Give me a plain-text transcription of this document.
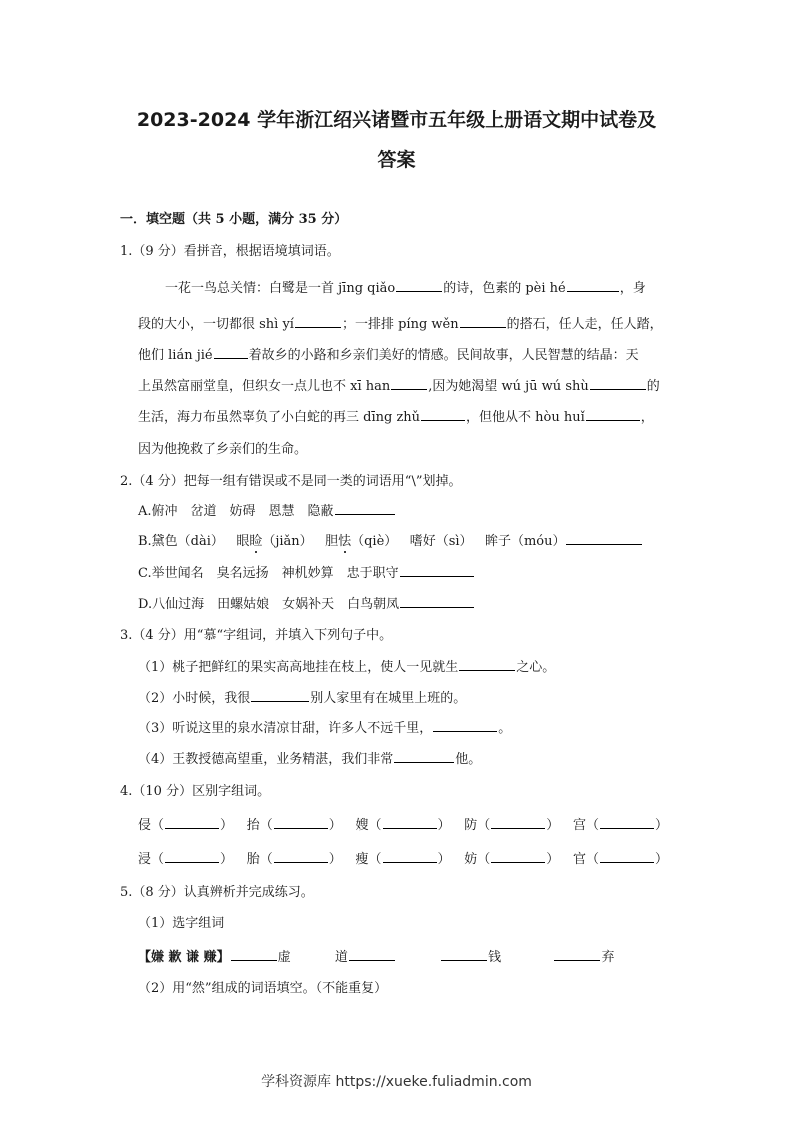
2023-2024 学年浙江绍兴诸暨市五年级上册语文期中试卷及
答案
一．填空题（共 5 小题，满分 35 分）
1.（9 分）看拼音，根据语境填词语。
一花一鸟总关情：白鹭是一首 jīng qiǎo	的诗，色素的 pèi hé	，身
段的大小，一切都很 shì yí	；一排排 píng wěn	的搭石，任人走，任人踏，
他们 lián jié	着故乡的小路和乡亲们美好的情感。民间故事，人民智慧的结晶：天
上虽然富丽堂皇，但织女一点儿也不 xī han	,因为她渴望 wú jū wú shù	的
生活，海力布虽然辜负了小白蛇的再三 dīng zhǔ	，但他从不 hòu huǐ	，
因为他挽救了乡亲们的生命。
2.（4 分）把每一组有错误或不是同一类的词语用“\”划掉。
A.俯冲　岔道　妨碍　恩慧　隐蔽
B.黛色（dài） 眼睑（jiǎn） 胆怯（qiè） 嗜好（sì） 眸子（móu）
C.举世闻名　臭名远扬　神机妙算　忠于职守
D.八仙过海　田螺姑娘　女娲补天　白鸟朝凤
3.（4 分）用“慕“字组词，并填入下列句子中。
（1）桃子把鲜红的果实高高地挂在枝上，使人一见就生	之心。
（2）小时候，我很	别人家里有在城里上班的。
（3）听说这里的泉水清凉甘甜，许多人不远千里，	。
（4）王教授德高望重，业务精湛，我们非常	他。
4.（10 分）区别字组词。
侵（	） 抬（	） 嫂（	） 防（	） 宫（	）
浸（	） 胎（	） 瘦（	） 妨（	） 官（	）
5.（8 分）认真辨析并完成练习。
（1）选字组词
【嫌 歉 谦 赚】	虚	道	钱	弃
（2）用“然”组成的词语填空。（不能重复）
学科资源库 https://xueke.fuliadmin.com
